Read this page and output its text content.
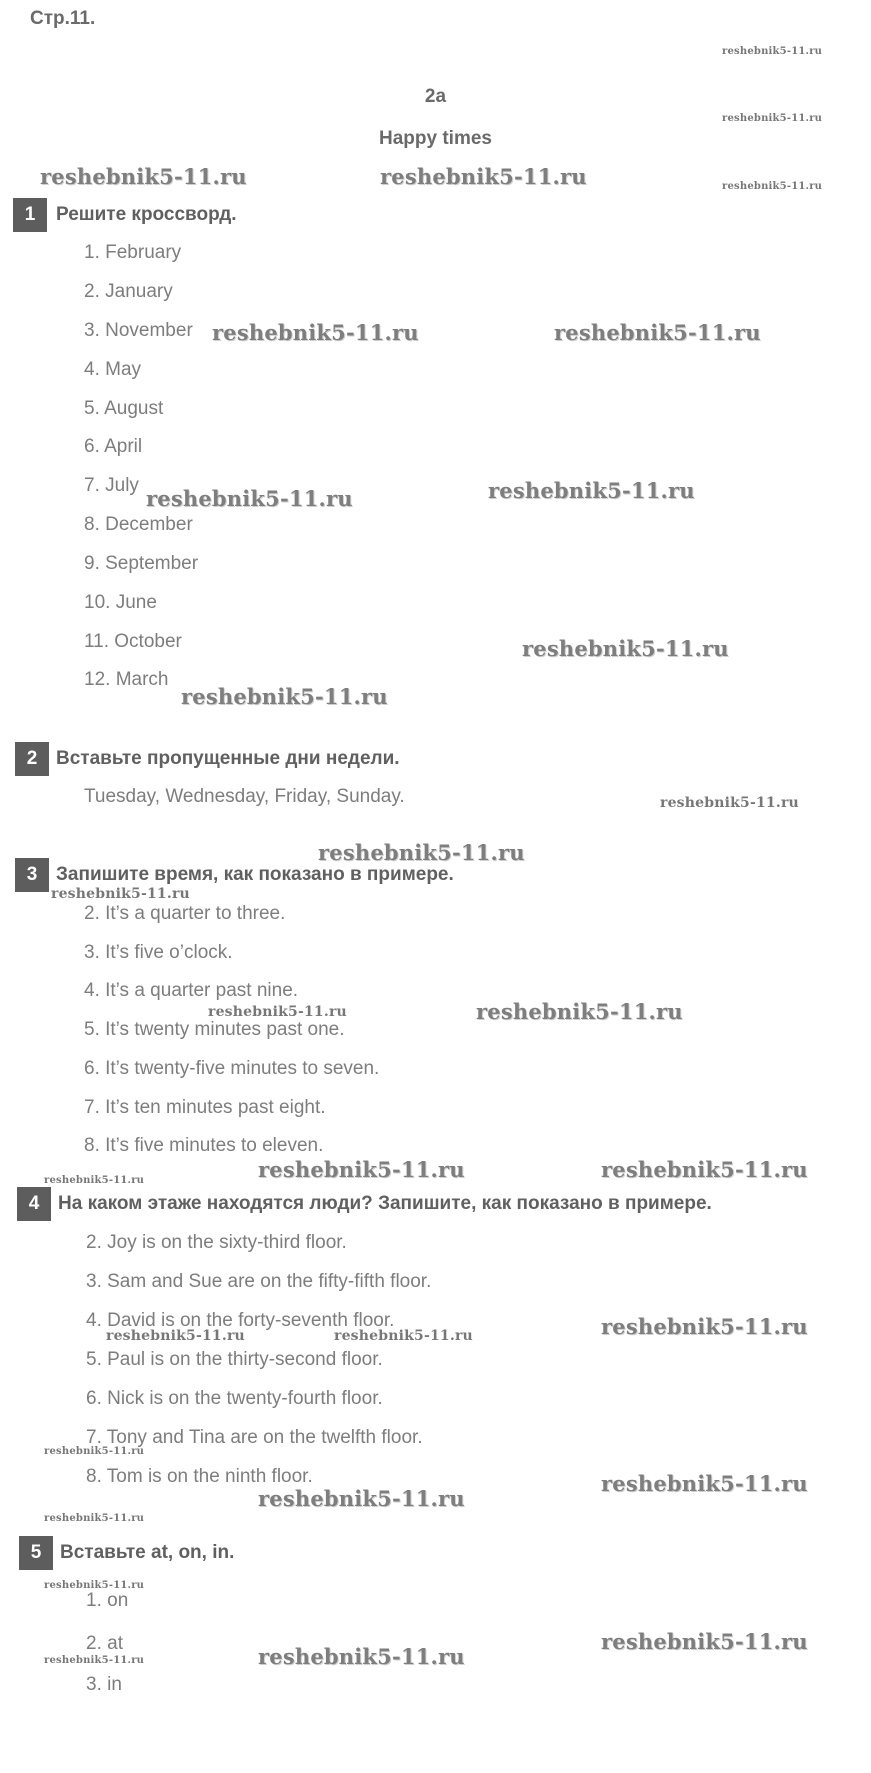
Стр.11.
2a
Happy times
1	Решите кроссворд.
1. February
2. January
3. November
4. May
5. August
6. April
7. July
8. December
9. September
10. June
11. October
12. March
2 Вставьте пропущенные дни недели.
Tuesday, Wednesday, Friday, Sunday.
3 Запишите время, как показано в примере.
2. It’s a quarter to three.
3. It’s five o’clock.
4. It’s a quarter past nine.
5. It’s twenty minutes past one.
6. It’s twenty-five minutes to seven.
7. It’s ten minutes past eight.
8. It’s five minutes to eleven.
4 На каком этаже находятся люди? Запишите, как показано в примере.
2. Joy is on the sixty-third floor.
3. Sam and Sue are on the fifty-fifth floor.
4. David is on the forty-seventh floor.
5. Paul is on the thirty-second floor.
6. Nick is on the twenty-fourth floor.
7. Tony and Tina are on the twelfth floor.
8. Tom is on the ninth floor.
5 Вставьте at, on, in.
1. on
2. at
3. in
reshebnik5-11.ru
reshebnik5-11.ru
reshebnik5-11.ru
reshebnik5-11.ru	reshebnik5-11.ru
reshebnik5-11.ru	reshebnik5-11.ru
reshebnik5-11.ru	reshebnik5-11.ru
reshebnik5-11.ru
reshebnik5-11.ru
reshebnik5-11.ru
reshebnik5-11.ru
reshebnik5-11.ru
reshebnik5-11.ru	reshebnik5-11.ru
reshebnik5-11.ru	reshebnik5-11.ru	reshebnik5-11.ru
reshebnik5-11.ru	reshebnik5-11.ru	reshebnik5-11.ru
reshebnik5-11.ru
reshebnik5-11.ru
reshebnik5-11.ru
reshebnik5-11.ru
reshebnik5-11.ru
reshebnik5-11.ru
reshebnik5-11.ru
reshebnik5-11.ru
